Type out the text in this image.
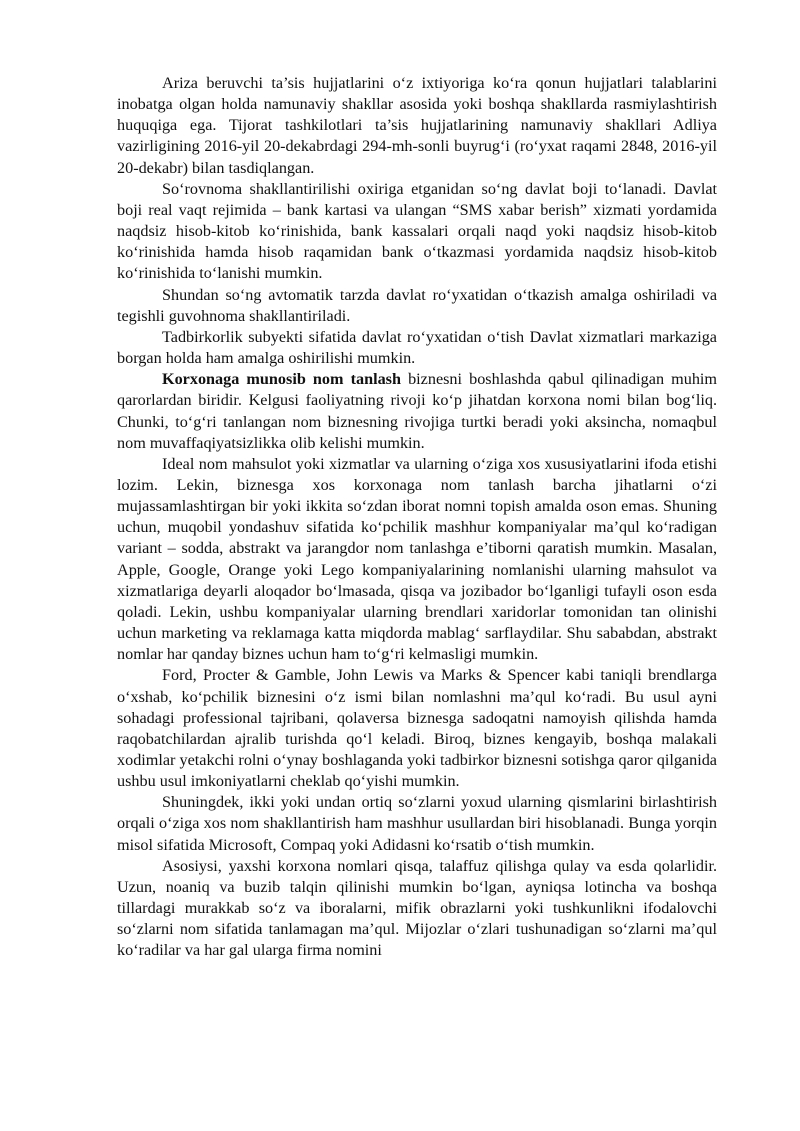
Ariza beruvchi ta’sis hujjatlarini o‘z ixtiyoriga ko‘ra qonun hujjatlari talablarini inobatga olgan holda namunaviy shakllar asosida yoki boshqa shakllarda rasmiylashtirish huquqiga ega. Tijorat tashkilotlari ta’sis hujjatlarining namunaviy shakllari Adliya vazirligining 2016-yil 20-dekabrdagi 294-mh-sonli buyrug‘i (ro‘yxat raqami 2848, 2016-yil 20-dekabr) bilan tasdiqlangan.

So‘rovnoma shakllantirilishi oxiriga etganidan so‘ng davlat boji to‘lanadi. Davlat boji real vaqt rejimida – bank kartasi va ulangan “SMS xabar berish” xizmati yordamida naqdsiz hisob-kitob ko‘rinishida, bank kassalari orqali naqd yoki naqdsiz hisob-kitob ko‘rinishida hamda hisob raqamidan bank o‘tkazmasi yordamida naqdsiz hisob-kitob ko‘rinishida to‘lanishi mumkin.

Shundan so‘ng avtomatik tarzda davlat ro‘yxatidan o‘tkazish amalga oshiriladi va tegishli guvohnoma shakllantiriladi.

Tadbirkorlik subyekti sifatida davlat ro‘yxatidan o‘tish Davlat xizmatlari markaziga borgan holda ham amalga oshirilishi mumkin.

Korxonaga munosib nom tanlash biznesni boshlashda qabul qilinadigan muhim qarorlardan biridir. Kelgusi faoliyatning rivoji ko‘p jihatdan korxona nomi bilan bog‘liq. Chunki, to‘g‘ri tanlangan nom biznesning rivojiga turtki beradi yoki aksincha, nomaqbul nom muvaffaqiyatsizlikka olib kelishi mumkin.

Ideal nom mahsulot yoki xizmatlar va ularning o‘ziga xos xususiyatlarini ifoda etishi lozim. Lekin, biznesga xos korxonaga nom tanlash barcha jihatlarni o‘zi mujassamlashtirgan bir yoki ikkita so‘zdan iborat nomni topish amalda oson emas. Shuning uchun, muqobil yondashuv sifatida ko‘pchilik mashhur kompaniyalar ma’qul ko‘radigan variant – sodda, abstrakt va jarangdor nom tanlashga e’tiborni qaratish mumkin. Masalan, Apple, Google, Orange yoki Lego kompaniyalarining nomlanishi ularning mahsulot va xizmatlariga deyarli aloqador bo‘lmasada, qisqa va jozibador bo‘lganligi tufayli oson esda qoladi. Lekin, ushbu kompaniyalar ularning brendlari xaridorlar tomonidan tan olinishi uchun marketing va reklamaga katta miqdorda mablag‘ sarflaydilar. Shu sababdan, abstrakt nomlar har qanday biznes uchun ham to‘g‘ri kelmasligi mumkin.

Ford, Procter & Gamble, John Lewis va Marks & Spencer kabi taniqli brendlarga o‘xshab, ko‘pchilik biznesini o‘z ismi bilan nomlashni ma’qul ko‘radi. Bu usul ayni sohadagi professional tajribani, qolaversa biznesga sadoqatni namoyish qilishda hamda raqobatchilardan ajralib turishda qo‘l keladi. Biroq, biznes kengayib, boshqa malakali xodimlar yetakchi rolni o‘ynay boshlaganda yoki tadbirkor biznesni sotishga qaror qilganida ushbu usul imkoniyatlarni cheklab qo‘yishi mumkin.

Shuningdek, ikki yoki undan ortiq so‘zlarni yoxud ularning qismlarini birlashtirish orqali o‘ziga xos nom shakllantirish ham mashhur usullardan biri hisoblanadi. Bunga yorqin misol sifatida Microsoft, Compaq yoki Adidasni ko‘rsatib o‘tish mumkin.

Asosiysi, yaxshi korxona nomlari qisqa, talaffuz qilishga qulay va esda qolarlidir. Uzun, noaniq va buzib talqin qilinishi mumkin bo‘lgan, ayniqsa lotincha va boshqa tillardagi murakkab so‘z va iboralarni, mifik obrazlarni yoki tushkunlikni ifodalovchi so‘zlarni nom sifatida tanlamagan ma’qul. Mijozlar o‘zlari tushunadigan so‘zlarni ma’qul ko‘radilar va har gal ularga firma nomini
